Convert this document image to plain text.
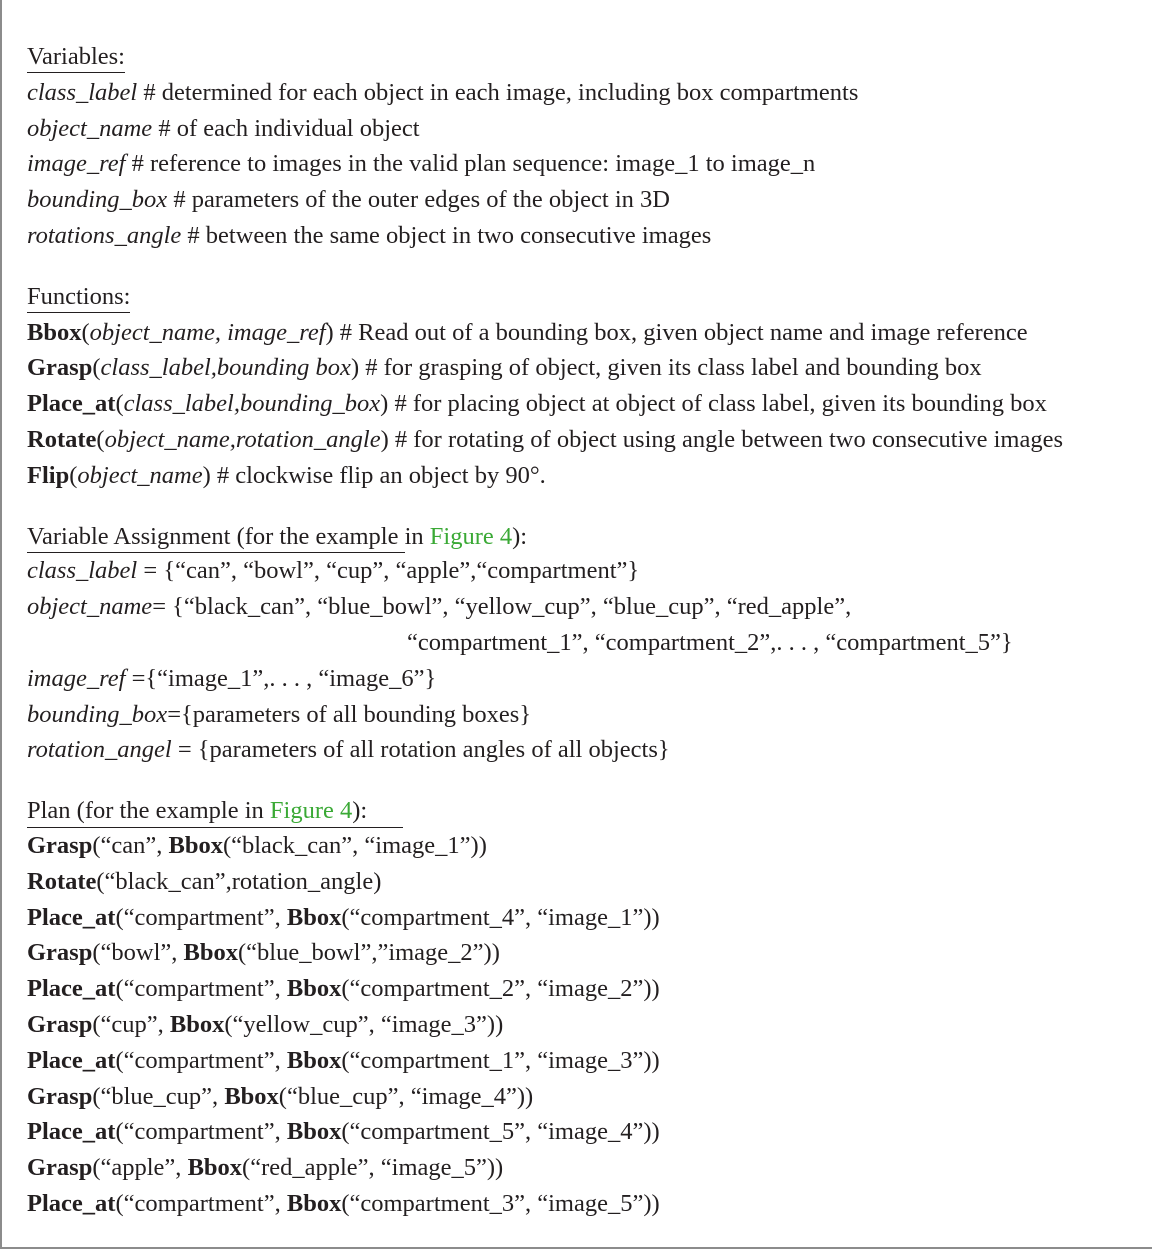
Variables:
class_label # determined for each object in each image, including box compartments
object_name # of each individual object
image_ref # reference to images in the valid plan sequence: image_1 to image_n
bounding_box # parameters of the outer edges of the object in 3D
rotations_angle # between the same object in two consecutive images
Functions:
Bbox(object_name, image_ref) # Read out of a bounding box, given object name and image reference
Grasp(class_label,bounding box) # for grasping of object, given its class label and bounding box
Place_at(class_label,bounding_box) # for placing object at object of class label, given its bounding box
Rotate(object_name,rotation_angle) # for rotating of object using angle between two consecutive images
Flip(object_name) # clockwise flip an object by 90°.
Variable Assignment (for the example in Figure 4):
class_label = {“can”, “bowl”, “cup”, “apple”,“compartment”}
object_name= {“black_can”, “blue_bowl”, “yellow_cup”, “blue_cup”, “red_apple”,
“compartment_1”, “compartment_2”,. . . , “compartment_5”}
image_ref ={“image_1”,. . . , “image_6”}
bounding_box={parameters of all bounding boxes}
rotation_angel = {parameters of all rotation angles of all objects}
Plan (for the example in Figure 4):
Grasp(“can”, Bbox(“black_can”, “image_1”))
Rotate(“black_can”,rotation_angle)
Place_at(“compartment”, Bbox(“compartment_4”, “image_1”))
Grasp(“bowl”, Bbox(“blue_bowl”,”image_2”))
Place_at(“compartment”, Bbox(“compartment_2”, “image_2”))
Grasp(“cup”, Bbox(“yellow_cup”, “image_3”))
Place_at(“compartment”, Bbox(“compartment_1”, “image_3”))
Grasp(“blue_cup”, Bbox(“blue_cup”, “image_4”))
Place_at(“compartment”, Bbox(“compartment_5”, “image_4”))
Grasp(“apple”, Bbox(“red_apple”, “image_5”))
Place_at(“compartment”, Bbox(“compartment_3”, “image_5”))
